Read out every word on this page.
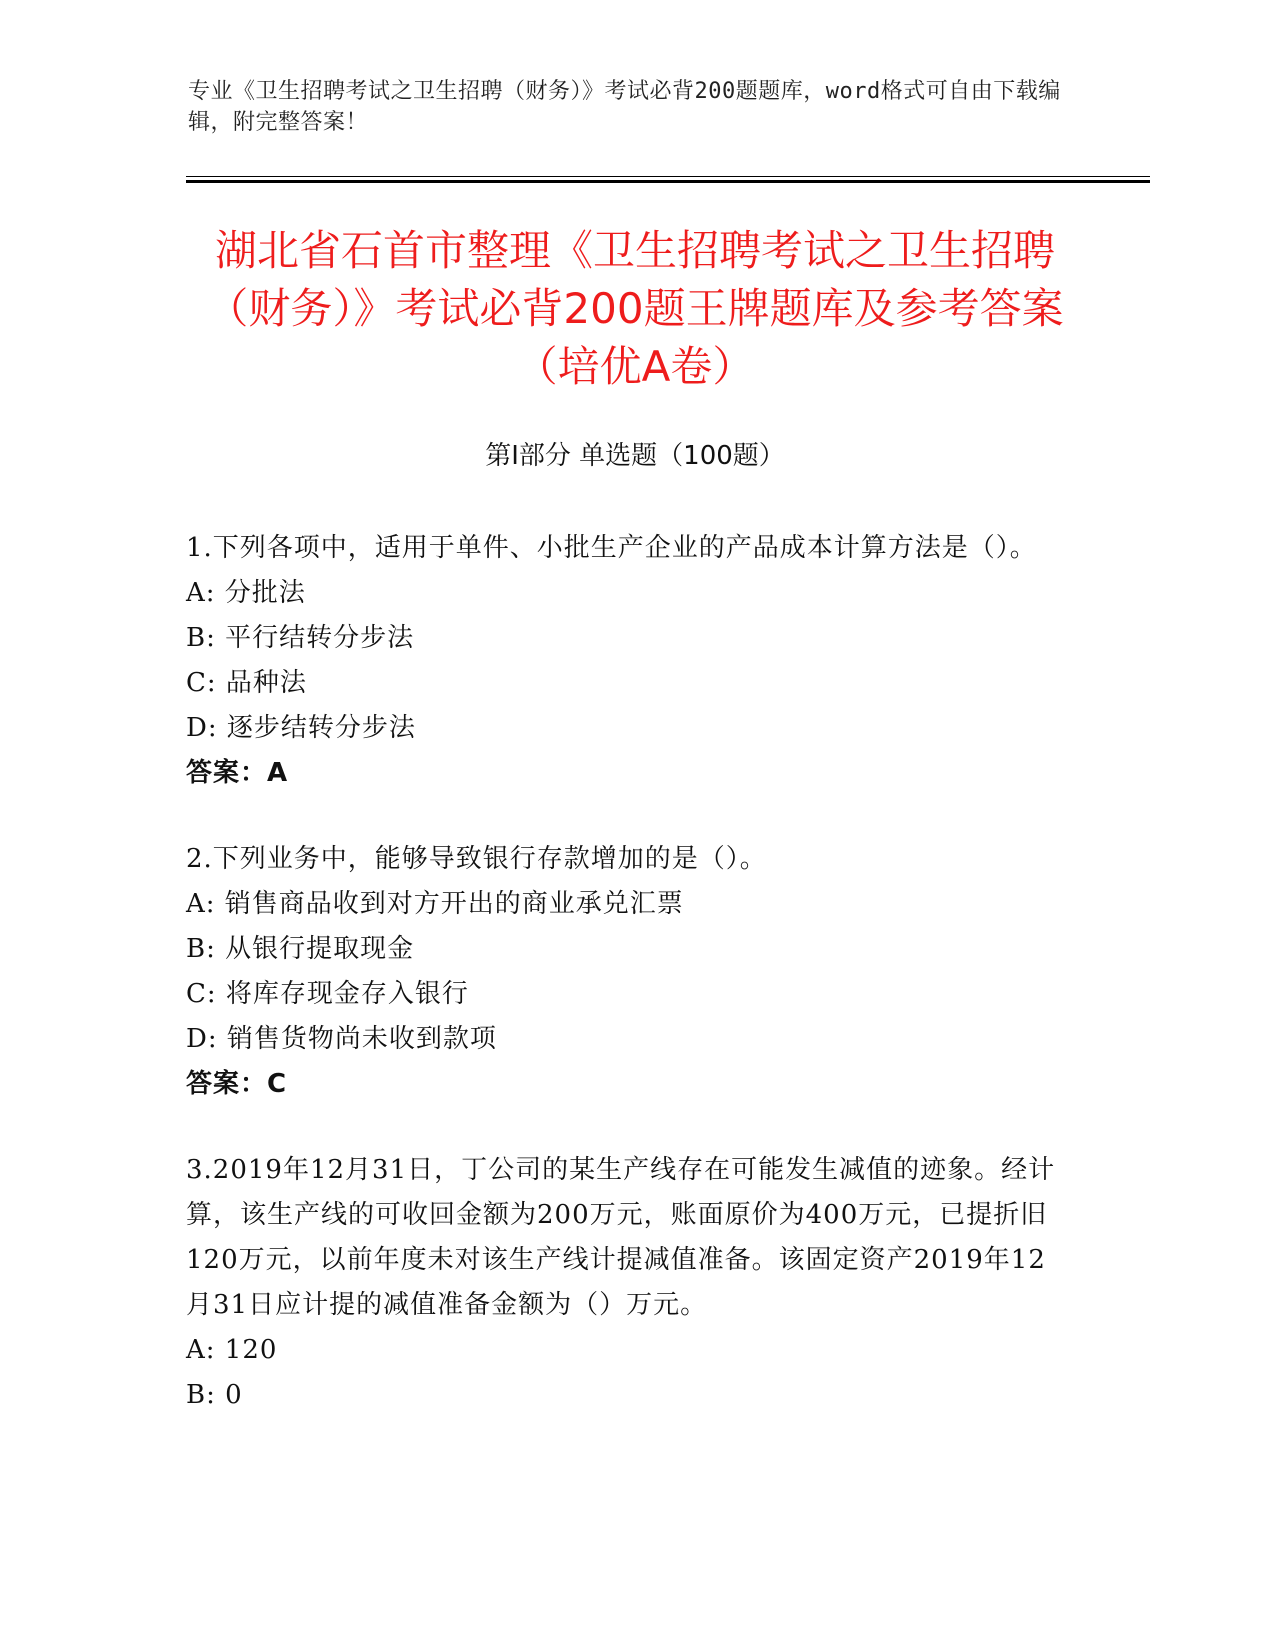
专业《卫生招聘考试之卫生招聘（财务）》考试必背200题题库，word格式可自由下载编辑，附完整答案！
湖北省石首市整理《卫生招聘考试之卫生招聘（财务）》考试必背200题王牌题库及参考答案（培优A卷）
第I部分 单选题（100题）

1.下列各项中，适用于单件、小批生产企业的产品成本计算方法是（）。

A: 分批法

B: 平行结转分步法

C: 品种法

D: 逐步结转分步法

答案：A

2.下列业务中，能够导致银行存款增加的是（）。

A: 销售商品收到对方开出的商业承兑汇票

B: 从银行提取现金

C: 将库存现金存入银行

D: 销售货物尚未收到款项

答案：C

3.2019年12月31日，丁公司的某生产线存在可能发生减值的迹象。经计算，该生产线的可收回金额为200万元，账面原价为400万元，已提折旧120万元，以前年度未对该生产线计提减值准备。该固定资产2019年12月31日应计提的减值准备金额为（）万元。

A: 120

B: 0
